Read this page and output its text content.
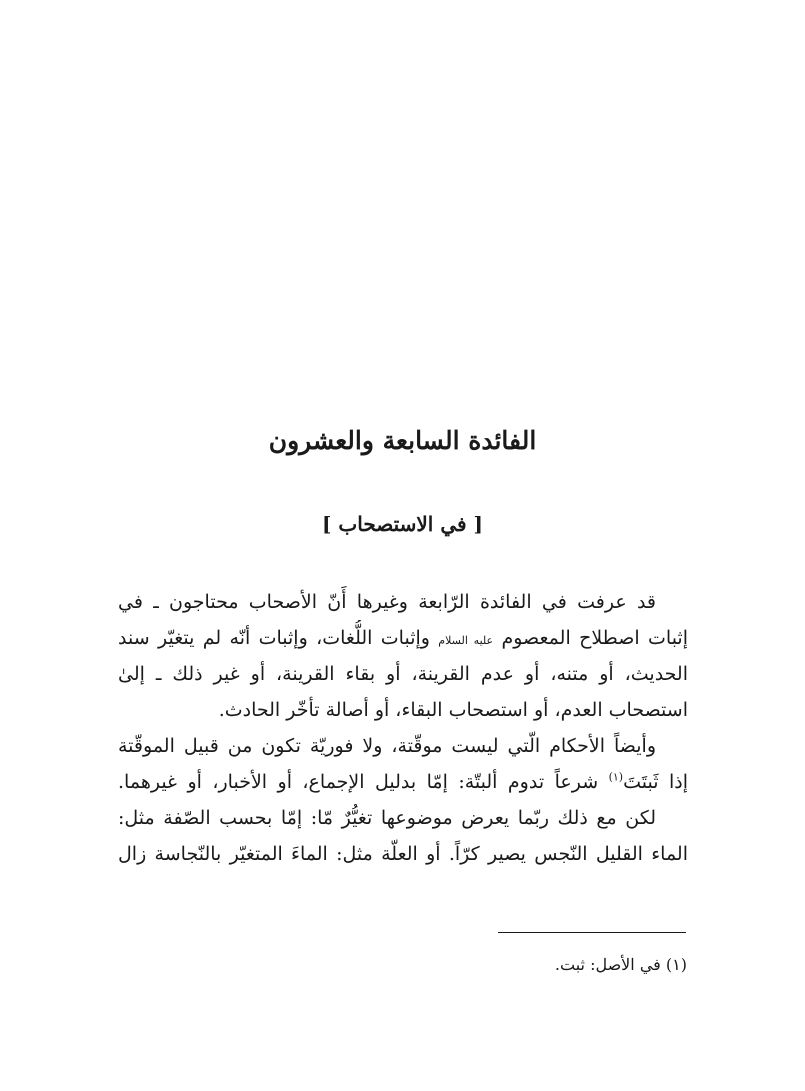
الفائدة السابعة والعشرون
[ في الاستصحاب ]
قد عرفت في الفائدة الرّابعة وغيرها أَنّ الأصحاب محتاجون ـ في
إثبات اصطلاح المعصوم عليه السلام وإثبات اللُّغات، وإثبات أنّه لم يتغيّر سند
الحديث، أو متنه، أو عدم القرينة، أو بقاء القرينة، أو غير ذلك ـ إلىٰ
استصحاب العدم، أو استصحاب البقاء، أو أصالة تأخّر الحادث.
وأيضاً الأحكام الّتي ليست موقّتة، ولا فوريّة تكون من قبيل الموقّتة
إذا ثَبتَتَ$^{(١)}$ شرعاً تدوم ألبتّة: إمّا بدليل الإجماع، أو الأخبار، أو غيرهما.
لكن مع ذلك ربّما يعرض موضوعها تغيُّرٌ مّا: إمّا بحسب الصّفة مثل:
الماء القليل النّجس يصير كرّاً. أو العلّة مثل: الماءَ المتغيّر بالنّجاسة زال

(١) في الأصل: ثبت.
